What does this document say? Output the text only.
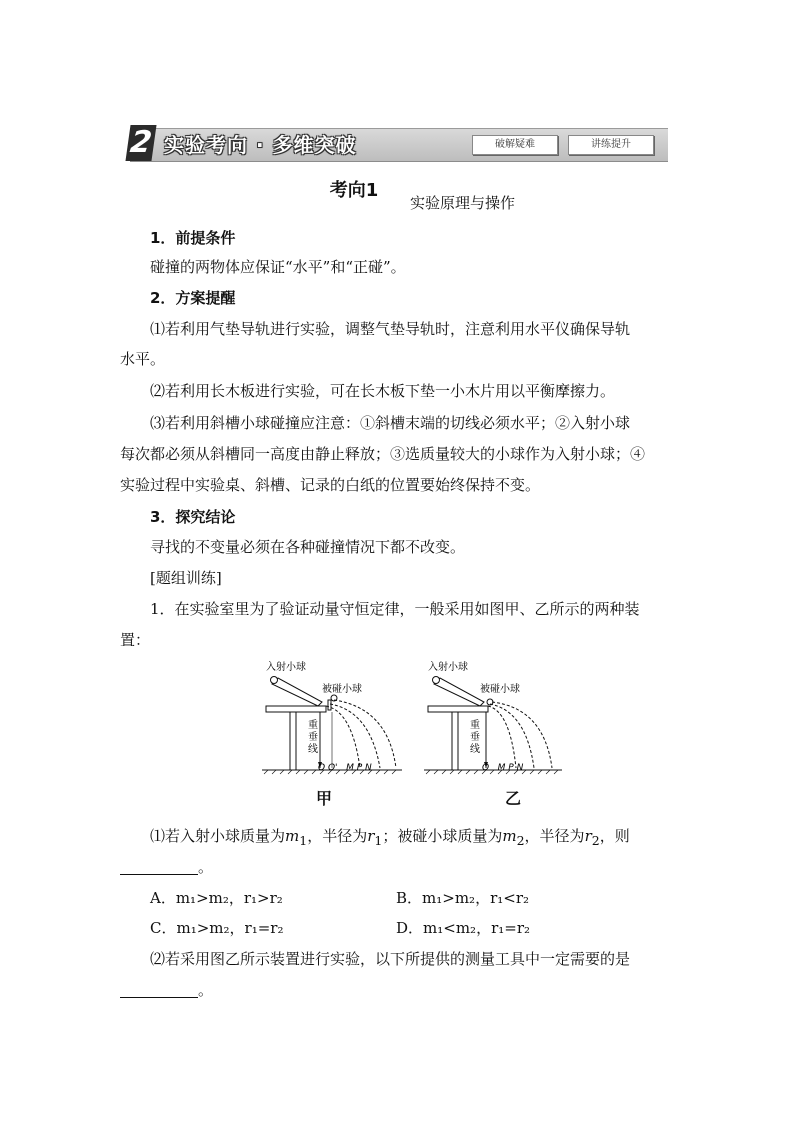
2 实验考向 · 多维突破	破解疑难	讲练提升
考向1
实验原理与操作
1．前提条件
碰撞的两物体应保证“水平”和“正碰”。
2．方案提醒
⑴若利用气垫导轨进行实验，调整气垫导轨时，注意利用水平仪确保导轨
水平。
⑵若利用长木板进行实验，可在长木板下垫一小木片用以平衡摩擦力。
⑶若利用斜槽小球碰撞应注意：①斜槽末端的切线必须水平；②入射小球
每次都必须从斜槽同一高度由静止释放；③选质量较大的小球作为入射小球；④
实验过程中实验桌、斜槽、记录的白纸的位置要始终保持不变。
3．探究结论
寻找的不变量必须在各种碰撞情况下都不改变。
[题组训练]
1．在实验室里为了验证动量守恒定律，一般采用如图甲、乙所示的两种装
置：
入射小球
被碰小球
重
垂
线
O O'   M P N
入射小球
被碰小球
重
垂
线
O   M P N
甲	乙
⑴若入射小球质量为$m_1$，半径为$r_1$；被碰小球质量为$m_2$，半径为$r_2$，则
。
A．m₁>m₂，r₁>r₂	B．m₁>m₂，r₁<r₂
C．m₁>m₂，r₁=r₂	D．m₁<m₂，r₁=r₂
⑵若采用图乙所示装置进行实验，以下所提供的测量工具中一定需要的是
。
